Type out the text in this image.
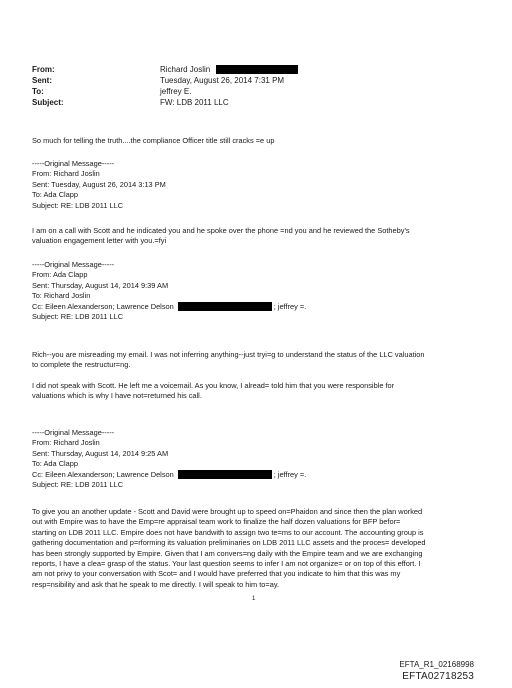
From:	Richard Joslin
Sent:	Tuesday, August 26, 2014 7:31 PM
To:	jeffrey E.
Subject:	FW: LDB 2011 LLC
So much for telling the truth....the compliance Officer title still cracks =e up
-----Original Message-----
From: Richard Joslin
Sent: Tuesday, August 26, 2014 3:13 PM
To: Ada Clapp
Subject: RE: LDB 2011 LLC
I am on a call with Scott and he indicated you and he spoke over the phone =nd you and he reviewed the Sotheby's
valuation engagement letter with you.=fyi
-----Original Message-----
From: Ada Clapp
Sent: Thursday, August 14, 2014 9:39 AM
To: Richard Joslin
Cc: Eileen Alexanderson; Lawrence Delson	; jeffrey =.
Subject: RE: LDB 2011 LLC
Rich--you are misreading my email. I was not inferring anything--just tryi=g to understand the status of the LLC valuation
to complete the restructur=ng.
I did not speak with Scott. He left me a voicemail. As you know, I alread= told him that you were responsible for
valuations which is why I have not=returned his call.
-----Original Message-----
From: Richard Joslin
Sent: Thursday, August 14, 2014 9:25 AM
To: Ada Clapp
Cc: Eileen Alexanderson; Lawrence Delson	; jeffrey =.
Subject: RE: LDB 2011 LLC
To give you an another update - Scott and David were brought up to speed on=Phaidon and since then the plan worked
out with Empire was to have the Emp=re appraisal team work to finalize the half dozen valuations for BFP befor=
starting on LDB 2011 LLC. Empire does not have bandwith to assign two te=ms to our account. The accounting group is
gathering documentation and p=rforming its valuation preliminaries on LDB 2011 LLC assets and the proces= developed
has been strongly supported by Empire. Given that I am convers=ng daily with the Empire team and we are exchanging
reports, I have a clea= grasp of the status. Your last question seems to infer I am not organize= or on top of this effort. I
am not privy to your conversation with Scot= and I would have preferred that you indicate to him that this was my
resp=nsibility and ask that he speak to me directly. I will speak to him to=ay.
1
EFTA_R1_02168998
EFTA02718253
